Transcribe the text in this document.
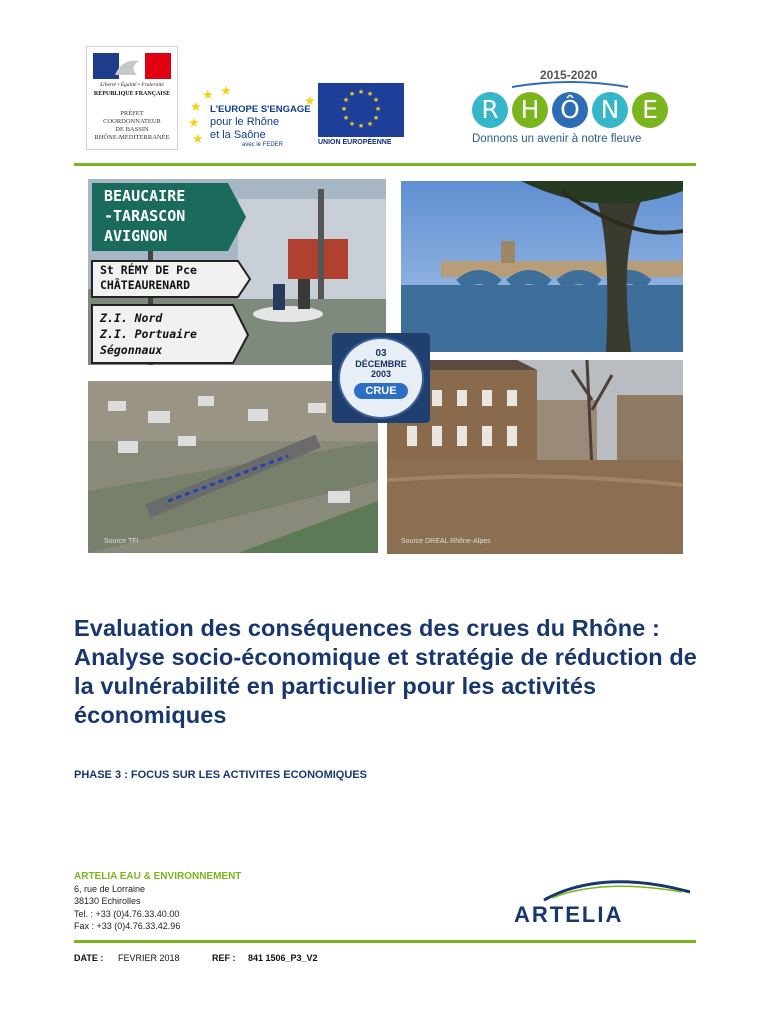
Liberté • Égalité • Fraternité
RÉPUBLIQUE FRANÇAISE
PRÉFET
COORDONNATEUR
DE BASSIN
RHÔNE-MÉDITERRANÉE
★ ★
★
★
★
★
L'EUROPE S'ENGAGE
pour le Rhône
et la Saône
avec le FEDER
★ ★
★
★
★
★
★
★
★
★
★
★
UNION EUROPÉENNE
2015-2020
R H Ô N E
Donnons un avenir à notre fleuve
BEAUCAIRE
-TARASCON
AVIGNON
St RÉMY DE Pce
CHÂTEAURENARD
Z.I. Nord
Z.I. Portuaire
Ségonnaux
Source TFI	Source DREAL Rhône-Alpes
03
DÉCEMBRE
2003
CRUE
Evaluation des conséquences des crues du Rhône : Analyse socio-économique et stratégie de réduction de la vulnérabilité en particulier pour les activités économiques
PHASE 3 : FOCUS SUR LES ACTIVITES ECONOMIQUES
ARTELIA EAU & ENVIRONNEMENT
6, rue de Lorraine
38130 Echirolles
Tel. : +33 (0)4.76.33.40.00
Fax : +33 (0)4.76.33.42.96	ARTELIA
DATE : FEVRIER 2018	REF : 841 1506_P3_V2
